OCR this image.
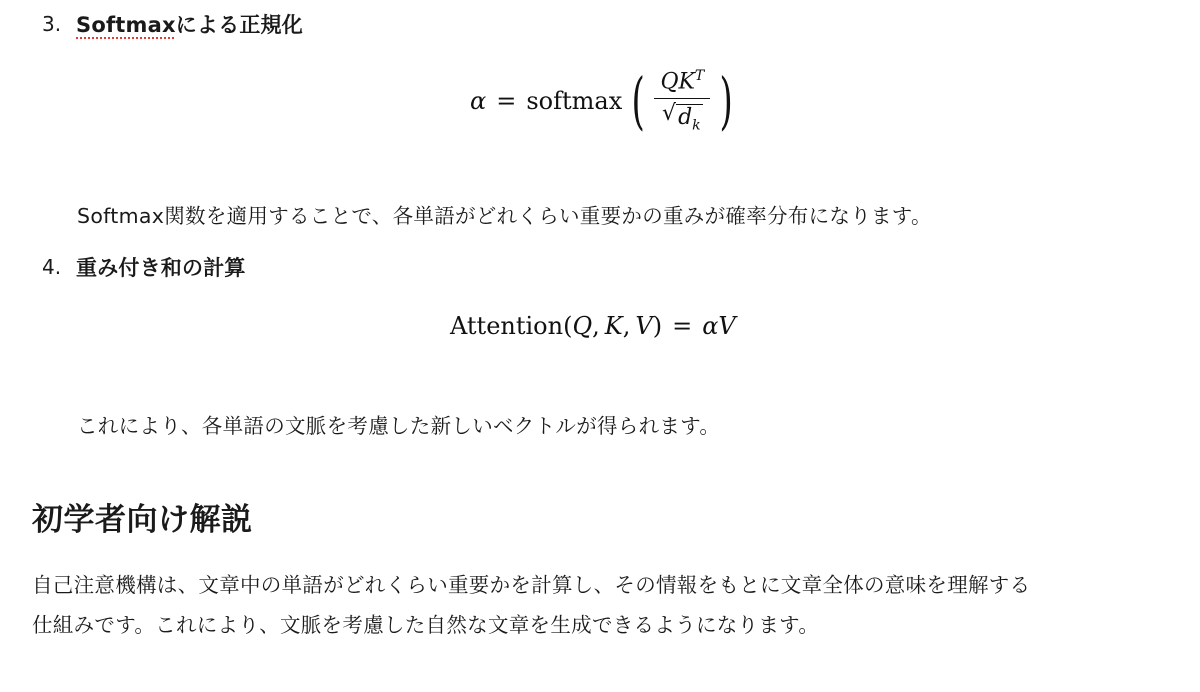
3. Softmaxによる正規化
α = softmax ( $\frac{QK^T}{√ d_k}$ )
Softmax関数を適用することで、各単語がどれくらい重要かの重みが確率分布になります。
4. 重み付き和の計算
Attention ( Q , K , V ) = α V
これにより、各単語の文脈を考慮した新しいベクトルが得られます。
初学者向け解説
自己注意機構は、文章中の単語がどれくらい重要かを計算し、その情報をもとに文章全体の意味を理解する
仕組みです。これにより、文脈を考慮した自然な文章を生成できるようになります。
